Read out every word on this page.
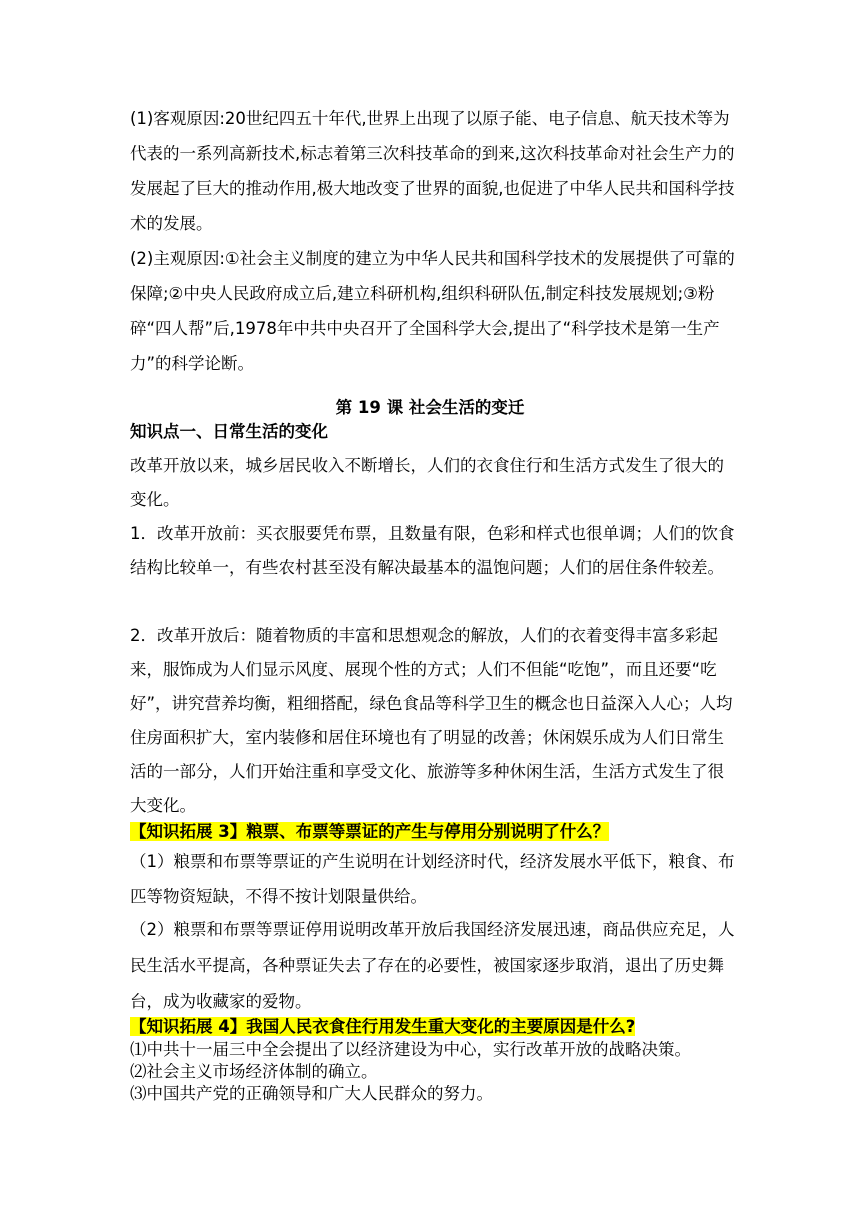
(1)客观原因:20世纪四五十年代,世界上出现了以原子能、电子信息、航天技术等为代表的一系列高新技术,标志着第三次科技革命的到来,这次科技革命对社会生产力的发展起了巨大的推动作用,极大地改变了世界的面貌,也促进了中华人民共和国科学技术的发展。
(2)主观原因:①社会主义制度的建立为中华人民共和国科学技术的发展提供了可靠的保障;②中央人民政府成立后,建立科研机构,组织科研队伍,制定科技发展规划;③粉碎“四人帮”后,1978年中共中央召开了全国科学大会,提出了“科学技术是第一生产力”的科学论断。
第 19 课 社会生活的变迁
知识点一、日常生活的变化
改革开放以来，城乡居民收入不断增长，人们的衣食住行和生活方式发生了很大的变化。
1．改革开放前：买衣服要凭布票，且数量有限，色彩和样式也很单调；人们的饮食结构比较单一，有些农村甚至没有解决最基本的温饱问题；人们的居住条件较差。
2．改革开放后：随着物质的丰富和思想观念的解放，人们的衣着变得丰富多彩起来，服饰成为人们显示风度、展现个性的方式；人们不但能“吃饱”，而且还要“吃好”，讲究营养均衡，粗细搭配，绿色食品等科学卫生的概念也日益深入人心；人均住房面积扩大，室内装修和居住环境也有了明显的改善；休闲娱乐成为人们日常生活的一部分，人们开始注重和享受文化、旅游等多种休闲生活，生活方式发生了很大变化。
【知识拓展 3】粮票、布票等票证的产生与停用分别说明了什么？
（1）粮票和布票等票证的产生说明在计划经济时代，经济发展水平低下，粮食、布匹等物资短缺，不得不按计划限量供给。
（2）粮票和布票等票证停用说明改革开放后我国经济发展迅速，商品供应充足，人民生活水平提高，各种票证失去了存在的必要性，被国家逐步取消，退出了历史舞台，成为收藏家的爱物。
【知识拓展 4】我国人民衣食住行用发生重大变化的主要原因是什么?
⑴中共十一届三中全会提出了以经济建设为中心，实行改革开放的战略决策。
⑵社会主义市场经济体制的确立。
⑶中国共产党的正确领导和广大人民群众的努力。
